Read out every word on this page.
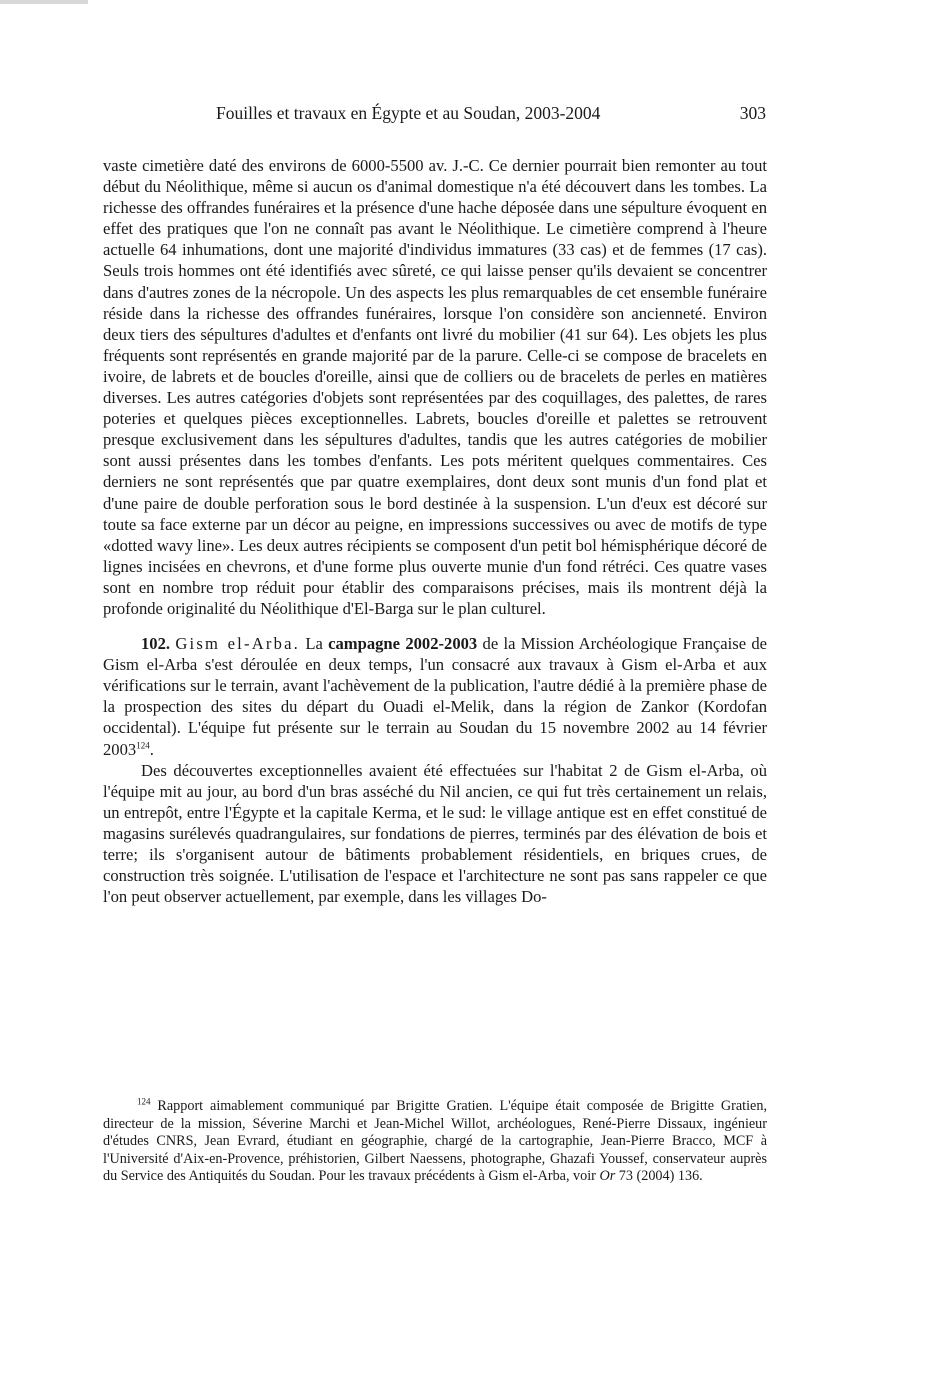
Fouilles et travaux en Égypte et au Soudan, 2003-2004	303

vaste cimetière daté des environs de 6000-5500 av. J.-C. Ce dernier pourrait bien remonter au tout début du Néolithique, même si aucun os d'animal domestique n'a été découvert dans les tombes. La richesse des offrandes funéraires et la présence d'une hache déposée dans une sépulture évoquent en effet des pratiques que l'on ne connaît pas avant le Néolithique. Le cimetière comprend à l'heure actuelle 64 inhumations, dont une majorité d'individus immatures (33 cas) et de femmes (17 cas). Seuls trois hommes ont été identifiés avec sûreté, ce qui laisse penser qu'ils devaient se concentrer dans d'autres zones de la nécropole. Un des aspects les plus remarquables de cet ensemble funéraire réside dans la richesse des offrandes funéraires, lorsque l'on considère son ancienneté. Environ deux tiers des sépultures d'adultes et d'enfants ont livré du mobilier (41 sur 64). Les objets les plus fréquents sont représentés en grande majorité par de la parure. Celle-ci se compose de bracelets en ivoire, de labrets et de boucles d'oreille, ainsi que de colliers ou de bracelets de perles en matières diverses. Les autres catégories d'objets sont représentées par des coquillages, des palettes, de rares poteries et quelques pièces exceptionnelles. Labrets, boucles d'oreille et palettes se retrouvent presque exclusivement dans les sépultures d'adultes, tandis que les autres catégories de mobilier sont aussi présentes dans les tombes d'enfants. Les pots méritent quelques commentaires. Ces derniers ne sont représentés que par quatre exemplaires, dont deux sont munis d'un fond plat et d'une paire de double perforation sous le bord destinée à la suspension. L'un d'eux est décoré sur toute sa face externe par un décor au peigne, en impressions successives ou avec de motifs de type «dotted wavy line». Les deux autres récipients se composent d'un petit bol hémisphérique décoré de lignes incisées en chevrons, et d'une forme plus ouverte munie d'un fond rétréci. Ces quatre vases sont en nombre trop réduit pour établir des comparaisons précises, mais ils montrent déjà la profonde originalité du Néolithique d'El-Barga sur le plan culturel.

102. Gism el-Arba. La campagne 2002-2003 de la Mission Archéologique Française de Gism el-Arba s'est déroulée en deux temps, l'un consacré aux travaux à Gism el-Arba et aux vérifications sur le terrain, avant l'achèvement de la publication, l'autre dédié à la première phase de la prospection des sites du départ du Ouadi el-Melik, dans la région de Zankor (Kordofan occidental). L'équipe fut présente sur le terrain au Soudan du 15 novembre 2002 au 14 février 2003$^{124}$.

Des découvertes exceptionnelles avaient été effectuées sur l'habitat 2 de Gism el-Arba, où l'équipe mit au jour, au bord d'un bras asséché du Nil ancien, ce qui fut très certainement un relais, un entrepôt, entre l'Égypte et la capitale Kerma, et le sud: le village antique est en effet constitué de magasins surélevés quadrangulaires, sur fondations de pierres, terminés par des élévation de bois et terre; ils s'organisent autour de bâtiments probablement résidentiels, en briques crues, de construction très soignée. L'utilisation de l'espace et l'architecture ne sont pas sans rappeler ce que l'on peut observer actuellement, par exemple, dans les villages Do-

$^{124}$ Rapport aimablement communiqué par Brigitte Gratien. L'équipe était composée de Brigitte Gratien, directeur de la mission, Séverine Marchi et Jean-Michel Willot, archéologues, René-Pierre Dissaux, ingénieur d'études CNRS, Jean Evrard, étudiant en géographie, chargé de la cartographie, Jean-Pierre Bracco, MCF à l'Université d'Aix-en-Provence, préhistorien, Gilbert Naessens, photographe, Ghazafi Youssef, conservateur auprès du Service des Antiquités du Soudan. Pour les travaux précédents à Gism el-Arba, voir Or 73 (2004) 136.
